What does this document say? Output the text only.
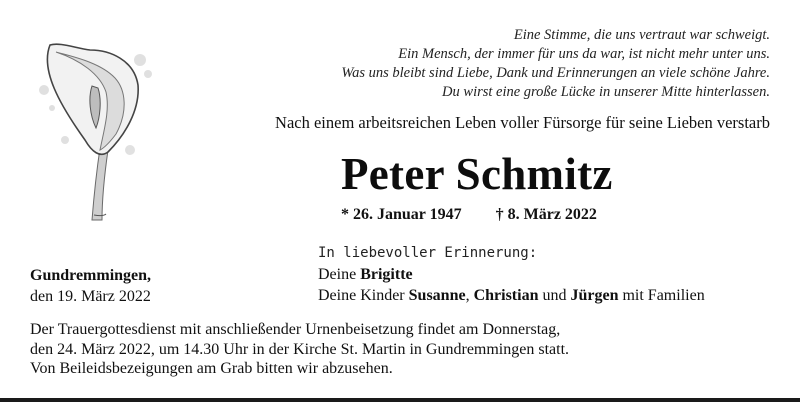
Eine Stimme, die uns vertraut war schweigt.
Ein Mensch, der immer für uns da war, ist nicht mehr unter uns.
Was uns bleibt sind Liebe, Dank und Erinnerungen an viele schöne Jahre.
Du wirst eine große Lücke in unserer Mitte hinterlassen.
Nach einem arbeitsreichen Leben voller Fürsorge für seine Lieben verstarb
Peter Schmitz
* 26. Januar 1947 † 8. März 2022
In liebevoller Erinnerung:
Deine Brigitte
Deine Kinder Susanne, Christian und Jürgen mit Familien
Gundremmingen,
den 19. März 2022
Der Trauergottesdienst mit anschließender Urnenbeisetzung findet am Donnerstag,
den 24. März 2022, um 14.30 Uhr in der Kirche St. Martin in Gundremmingen statt.
Von Beileidsbezeigungen am Grab bitten wir abzusehen.
